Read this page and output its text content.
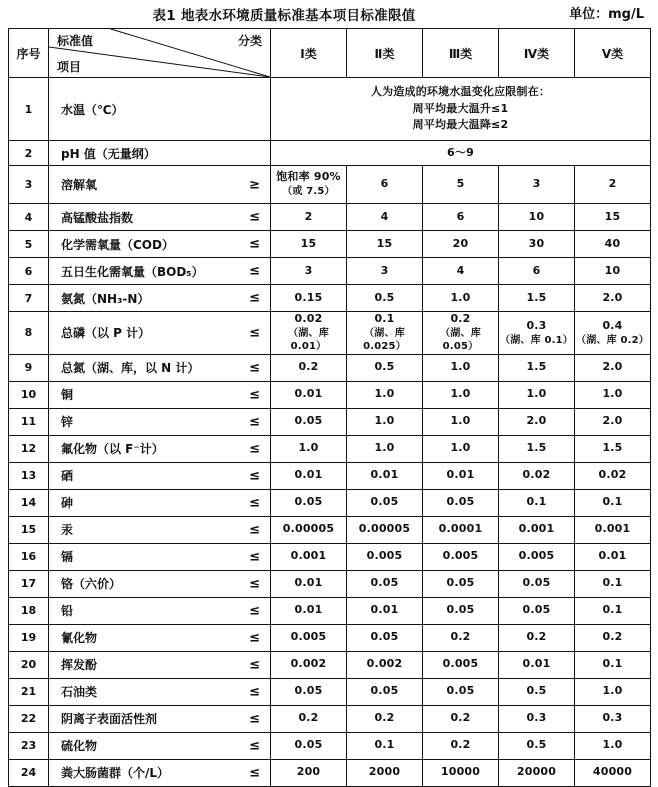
表1 地表水环境质量标准基本项目标准限值	单位：mg/L
序号	标准值 分类
项目	Ⅰ类	Ⅱ类	Ⅲ类	Ⅳ类	Ⅴ类
1	水温（℃）	人为造成的环境水温变化应限制在：
周平均最大温升≤1
周平均最大温降≤2				

2	pH 值（无量纲）	6～9				

3	溶解氧 ≥	饱和率 90%
（或 7.5）	6	5	3	2

4	高锰酸盐指数 ≤	2	4	6	10	15

5	化学需氧量（COD） ≤	15	15	20	30	40

6	五日生化需氧量（BOD₅） ≤	3	3	4	6	10

7	氨氮（NH₃-N） ≤	0.15	0.5	1.0	1.5	2.0

8	总磷（以 P 计） ≤	0.02
（湖、库 0.01）	0.1
（湖、库 0.025）	0.2
（湖、库 0.05）	0.3
（湖、库 0.1）	0.4
（湖、库 0.2）

9	总氮（湖、库，以 N 计） ≤	0.2	0.5	1.0	1.5	2.0

10	铜 ≤	0.01	1.0	1.0	1.0	1.0

11	锌 ≤	0.05	1.0	1.0	2.0	2.0

12	氟化物（以 F⁻计） ≤	1.0	1.0	1.0	1.5	1.5

13	硒 ≤	0.01	0.01	0.01	0.02	0.02

14	砷 ≤	0.05	0.05	0.05	0.1	0.1

15	汞 ≤	0.00005	0.00005	0.0001	0.001	0.001

16	镉 ≤	0.001	0.005	0.005	0.005	0.01

17	铬（六价） ≤	0.01	0.05	0.05	0.05	0.1

18	铅 ≤	0.01	0.01	0.05	0.05	0.1

19	氰化物 ≤	0.005	0.05	0.2	0.2	0.2

20	挥发酚 ≤	0.002	0.002	0.005	0.01	0.1

21	石油类 ≤	0.05	0.05	0.05	0.5	1.0

22	阴离子表面活性剂 ≤	0.2	0.2	0.2	0.3	0.3

23	硫化物 ≤	0.05	0.1	0.2	0.5	1.0

24	粪大肠菌群（个/L） ≤	200	2000	10000	20000	40000
